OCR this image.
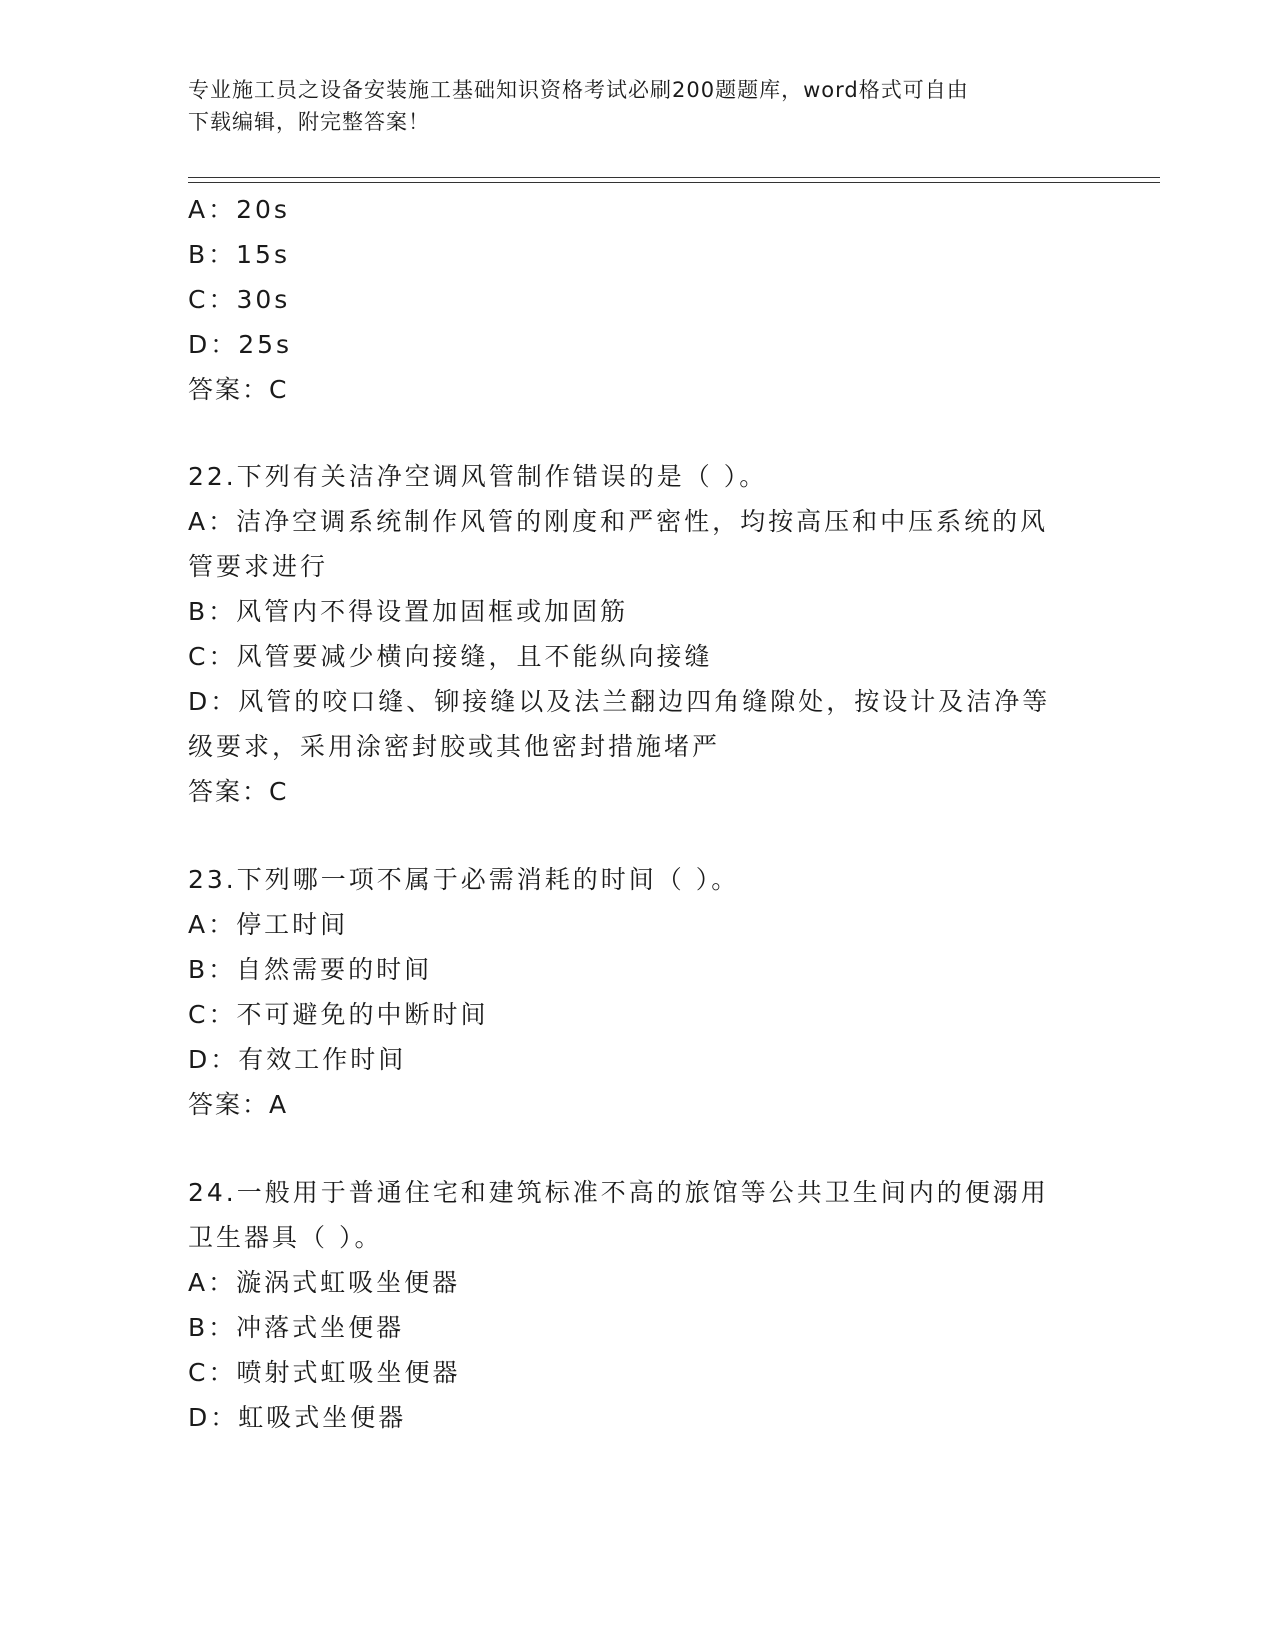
专业施工员之设备安装施工基础知识资格考试必刷200题题库，word格式可自由
下载编辑，附完整答案！
A：20s
B：15s
C：30s
D：25s
答案：C
22.下列有关洁净空调风管制作错误的是（ ）。
A：洁净空调系统制作风管的刚度和严密性，均按高压和中压系统的风
管要求进行
B：风管内不得设置加固框或加固筋
C：风管要减少横向接缝，且不能纵向接缝
D：风管的咬口缝、铆接缝以及法兰翻边四角缝隙处，按设计及洁净等
级要求，采用涂密封胶或其他密封措施堵严
答案：C
23.下列哪一项不属于必需消耗的时间（ ）。
A：停工时间
B：自然需要的时间
C：不可避免的中断时间
D：有效工作时间
答案：A
24.一般用于普通住宅和建筑标准不高的旅馆等公共卫生间内的便溺用
卫生器具（ ）。
A：漩涡式虹吸坐便器
B：冲落式坐便器
C：喷射式虹吸坐便器
D：虹吸式坐便器
